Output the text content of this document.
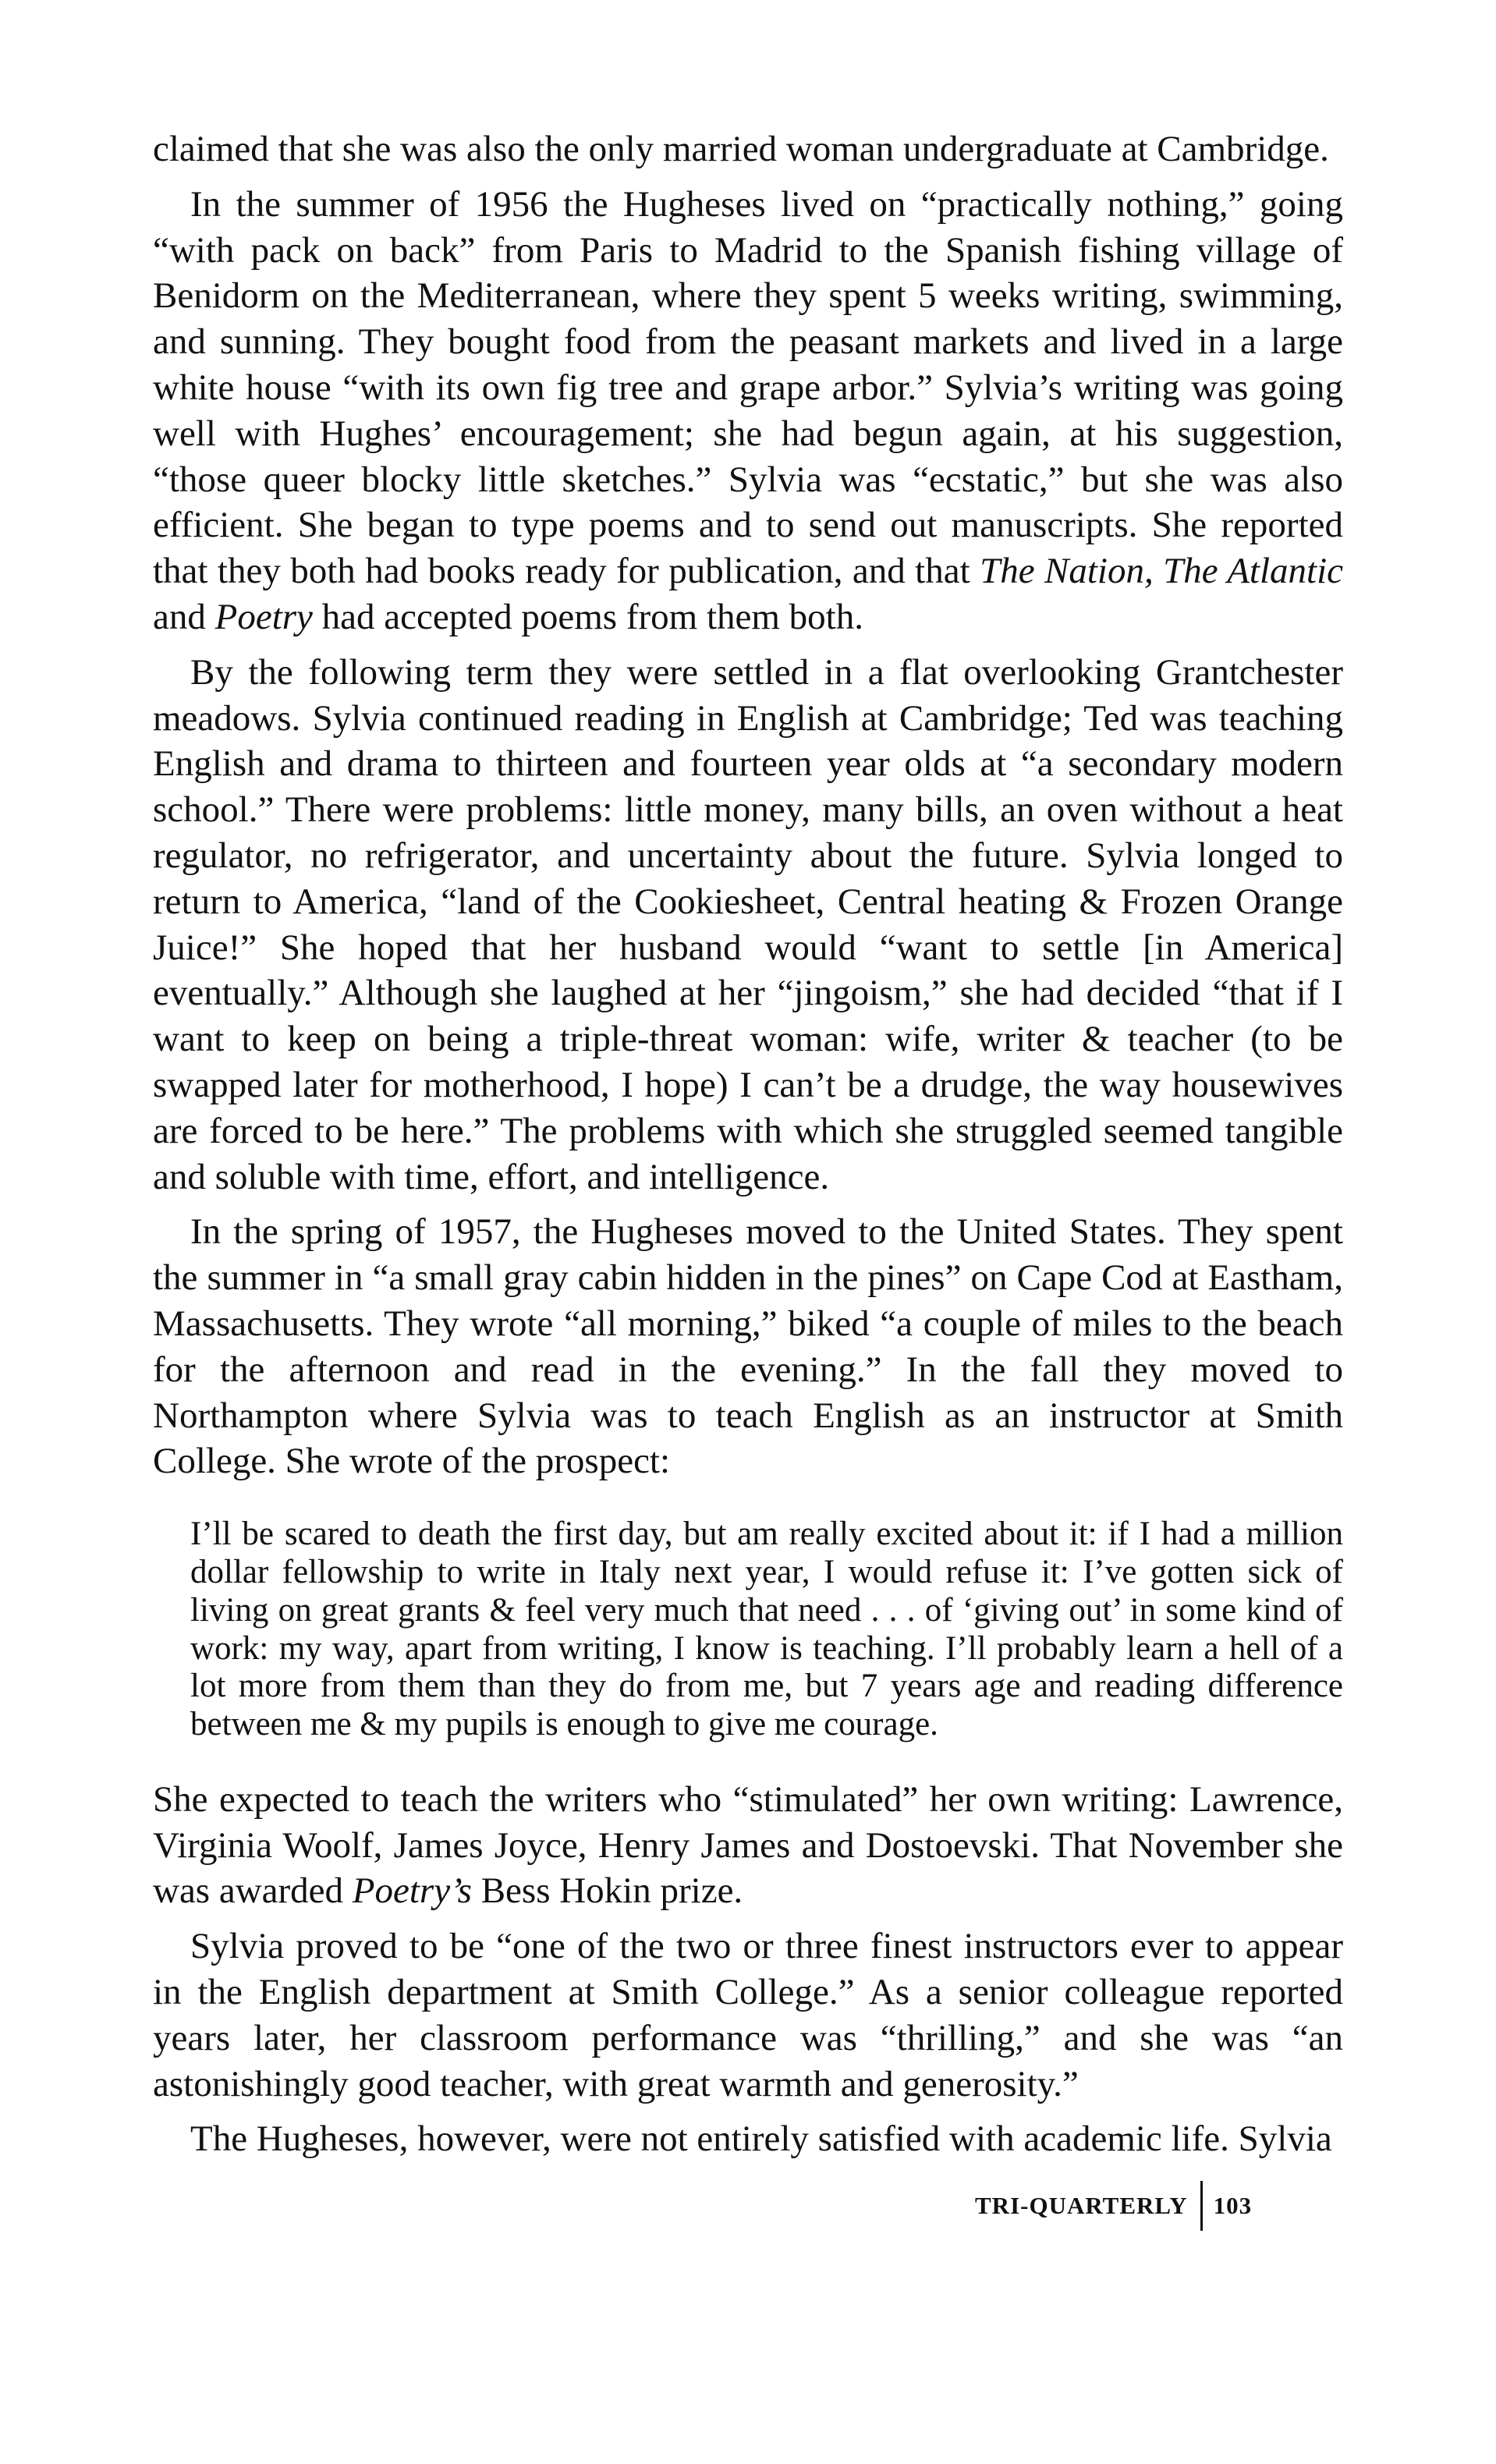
claimed that she was also the only married woman undergraduate at Cambridge.

In the summer of 1956 the Hugheses lived on “practically nothing,” going “with pack on back” from Paris to Madrid to the Spanish fishing village of Benidorm on the Mediterranean, where they spent 5 weeks writing, swimming, and sunning. They bought food from the peasant markets and lived in a large white house “with its own fig tree and grape arbor.” Sylvia’s writing was going well with Hughes’ encouragement; she had begun again, at his suggestion, “those queer blocky little sketches.” Sylvia was “ecstatic,” but she was also efficient. She began to type poems and to send out manuscripts. She reported that they both had books ready for publication, and that The Nation, The Atlantic and Poetry had accepted poems from them both.

By the following term they were settled in a flat overlooking Grantchester meadows. Sylvia continued reading in English at Cambridge; Ted was teaching English and drama to thirteen and fourteen year olds at “a secondary modern school.” There were problems: little money, many bills, an oven without a heat regulator, no refrigerator, and uncertainty about the future. Sylvia longed to return to America, “land of the Cookiesheet, Central heating & Frozen Orange Juice!” She hoped that her husband would “want to settle [in America] eventually.” Although she laughed at her “jingoism,” she had decided “that if I want to keep on being a triple-threat woman: wife, writer & teacher (to be swapped later for motherhood, I hope) I can’t be a drudge, the way housewives are forced to be here.” The problems with which she struggled seemed tangible and soluble with time, effort, and intelligence.

In the spring of 1957, the Hugheses moved to the United States. They spent the summer in “a small gray cabin hidden in the pines” on Cape Cod at Eastham, Massachusetts. They wrote “all morning,” biked “a couple of miles to the beach for the afternoon and read in the evening.” In the fall they moved to Northampton where Sylvia was to teach English as an instructor at Smith College. She wrote of the prospect:

I’ll be scared to death the first day, but am really excited about it: if I had a million dollar fellowship to write in Italy next year, I would refuse it: I’ve gotten sick of living on great grants & feel very much that need . . . of ‘giving out’ in some kind of work: my way, apart from writing, I know is teaching. I’ll probably learn a hell of a lot more from them than they do from me, but 7 years age and reading difference between me & my pupils is enough to give me courage.

She expected to teach the writers who “stimulated” her own writing: Lawrence, Virginia Woolf, James Joyce, Henry James and Dostoevski. That November she was awarded Poetry’s Bess Hokin prize.

Sylvia proved to be “one of the two or three finest instructors ever to appear in the English department at Smith College.” As a senior colleague reported years later, her classroom performance was “thrilling,” and she was “an astonishingly good teacher, with great warmth and generosity.”

The Hugheses, however, were not entirely satisfied with academic life. Sylvia

TRI-QUARTERLY 103
